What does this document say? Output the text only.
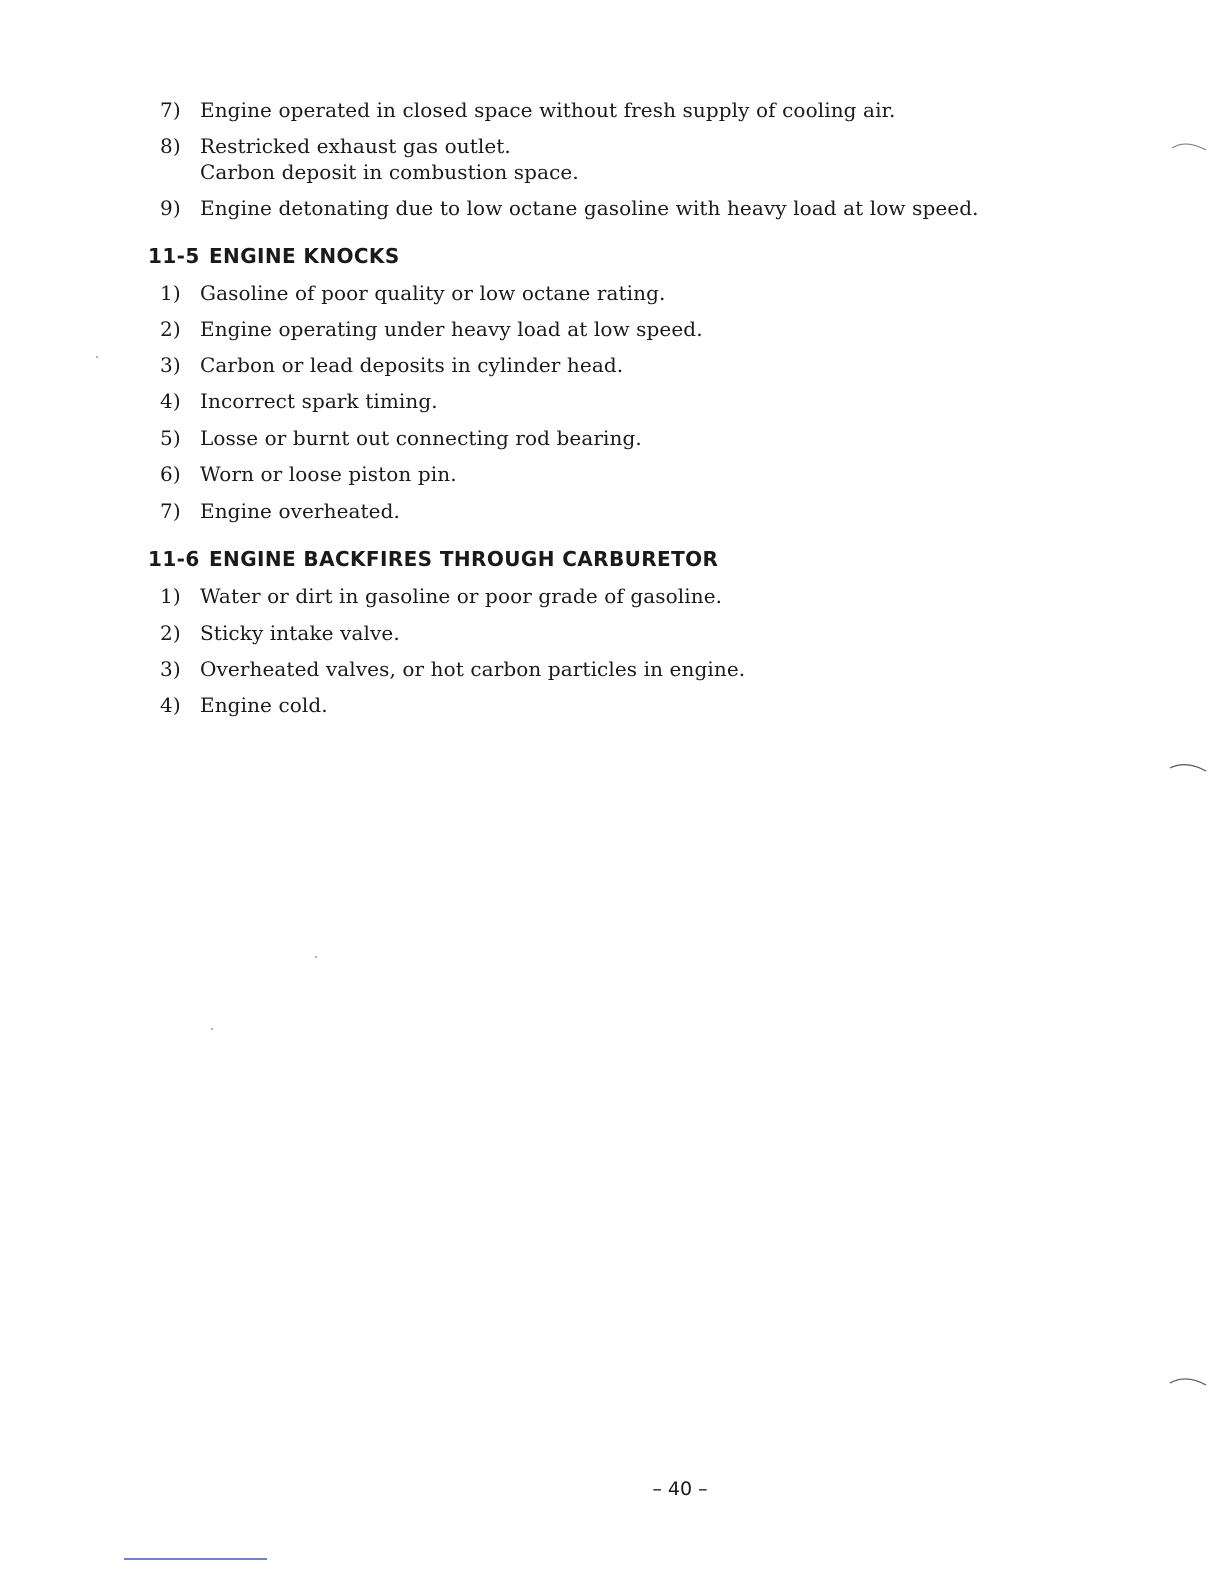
7) Engine operated in closed space without fresh supply of cooling air.
8) Restricked exhaust gas outlet.
Carbon deposit in combustion space.
9) Engine detonating due to low octane gasoline with heavy load at low speed.
11-5 ENGINE KNOCKS
1) Gasoline of poor quality or low octane rating.
2) Engine operating under heavy load at low speed.
3) Carbon or lead deposits in cylinder head.
4) Incorrect spark timing.
5) Losse or burnt out connecting rod bearing.
6) Worn or loose piston pin.
7) Engine overheated.
11-6 ENGINE BACKFIRES THROUGH CARBURETOR
1) Water or dirt in gasoline or poor grade of gasoline.
2) Sticky intake valve.
3) Overheated valves, or hot carbon particles in engine.
4) Engine cold.
– 40 –
